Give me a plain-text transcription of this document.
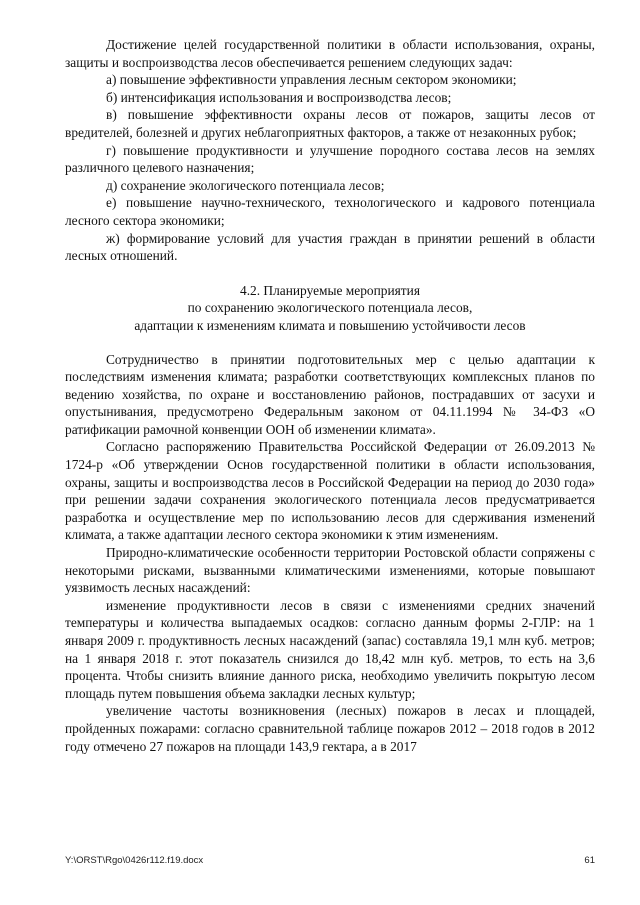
Достижение целей государственной политики в области использования, охраны, защиты и воспроизводства лесов обеспечивается решением следующих задач:

а) повышение эффективности управления лесным сектором экономики;

б) интенсификация использования и воспроизводства лесов;

в) повышение эффективности охраны лесов от пожаров, защиты лесов от вредителей, болезней и других неблагоприятных факторов, а также от незаконных рубок;

г) повышение продуктивности и улучшение породного состава лесов на землях различного целевого назначения;

д) сохранение экологического потенциала лесов;

е) повышение научно-технического, технологического и кадрового потенциала лесного сектора экономики;

ж) формирование условий для участия граждан в принятии решений в области лесных отношений.

4.2. Планируемые мероприятия
по сохранению экологического потенциала лесов,
адаптации к изменениям климата и повышению устойчивости лесов

Сотрудничество в принятии подготовительных мер с целью адаптации к последствиям изменения климата; разработки соответствующих комплексных планов по ведению хозяйства, по охране и восстановлению районов, пострадавших от засухи и опустынивания, предусмотрено Федеральным законом от 04.11.1994 № 34-ФЗ «О ратификации рамочной конвенции ООН об изменении климата».

Согласно распоряжению Правительства Российской Федерации от 26.09.2013 № 1724-р «Об утверждении Основ государственной политики в области использования, охраны, защиты и воспроизводства лесов в Российской Федерации на период до 2030 года» при решении задачи сохранения экологического потенциала лесов предусматривается разработка и осуществление мер по использованию лесов для сдерживания изменений климата, а также адаптации лесного сектора экономики к этим изменениям.

Природно-климатические особенности территории Ростовской области сопряжены с некоторыми рисками, вызванными климатическими изменениями, которые повышают уязвимость лесных насаждений:

изменение продуктивности лесов в связи с изменениями средних значений температуры и количества выпадаемых осадков: согласно данным формы 2-ГЛР: на 1 января 2009 г. продуктивность лесных насаждений (запас) составляла 19,1 млн куб. метров; на 1 января 2018 г. этот показатель снизился до 18,42 млн куб. метров, то есть на 3,6 процента. Чтобы снизить влияние данного риска, необходимо увеличить покрытую лесом площадь путем повышения объема закладки лесных культур;

увеличение частоты возникновения (лесных) пожаров в лесах и площадей, пройденных пожарами: согласно сравнительной таблице пожаров 2012 – 2018 годов в 2012 году отмечено 27 пожаров на площади 143,9 гектара, а в 2017

Y:\ORST\Rgo\0426r112.f19.docx	61
